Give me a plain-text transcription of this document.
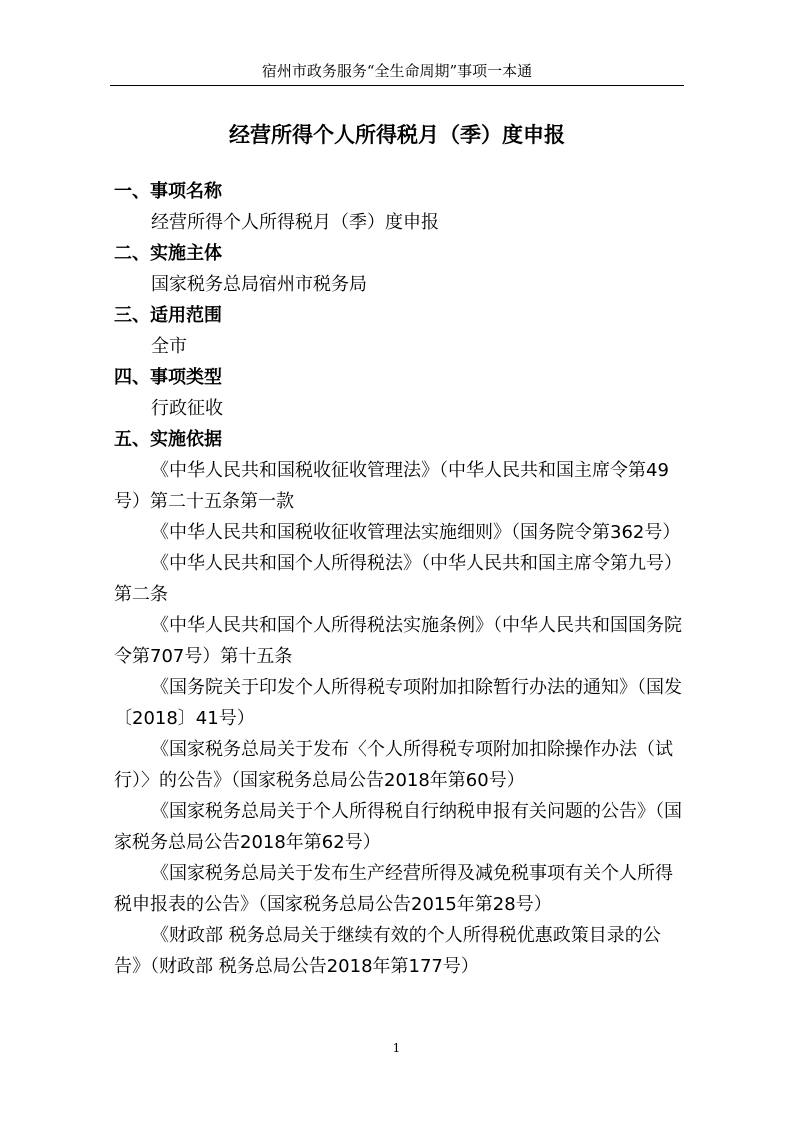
宿州市政务服务“全生命周期”事项一本通
经营所得个人所得税月（季）度申报

一、事项名称

经营所得个人所得税月（季）度申报

二、实施主体

国家税务总局宿州市税务局

三、适用范围

全市

四、事项类型

行政征收

五、实施依据

《中华人民共和国税收征收管理法》（中华人民共和国主席令第49号）第二十五条第一款

《中华人民共和国税收征收管理法实施细则》（国务院令第362号）

《中华人民共和国个人所得税法》（中华人民共和国主席令第九号）第二条

《中华人民共和国个人所得税法实施条例》（中华人民共和国国务院令第707号）第十五条

《国务院关于印发个人所得税专项附加扣除暂行办法的通知》（国发〔2018〕41号）

《国家税务总局关于发布〈个人所得税专项附加扣除操作办法（试行）〉的公告》（国家税务总局公告2018年第60号）

《国家税务总局关于个人所得税自行纳税申报有关问题的公告》（国家税务总局公告2018年第62号）

《国家税务总局关于发布生产经营所得及减免税事项有关个人所得税申报表的公告》（国家税务总局公告2015年第28号）

《财政部 税务总局关于继续有效的个人所得税优惠政策目录的公告》（财政部 税务总局公告2018年第177号）

1
